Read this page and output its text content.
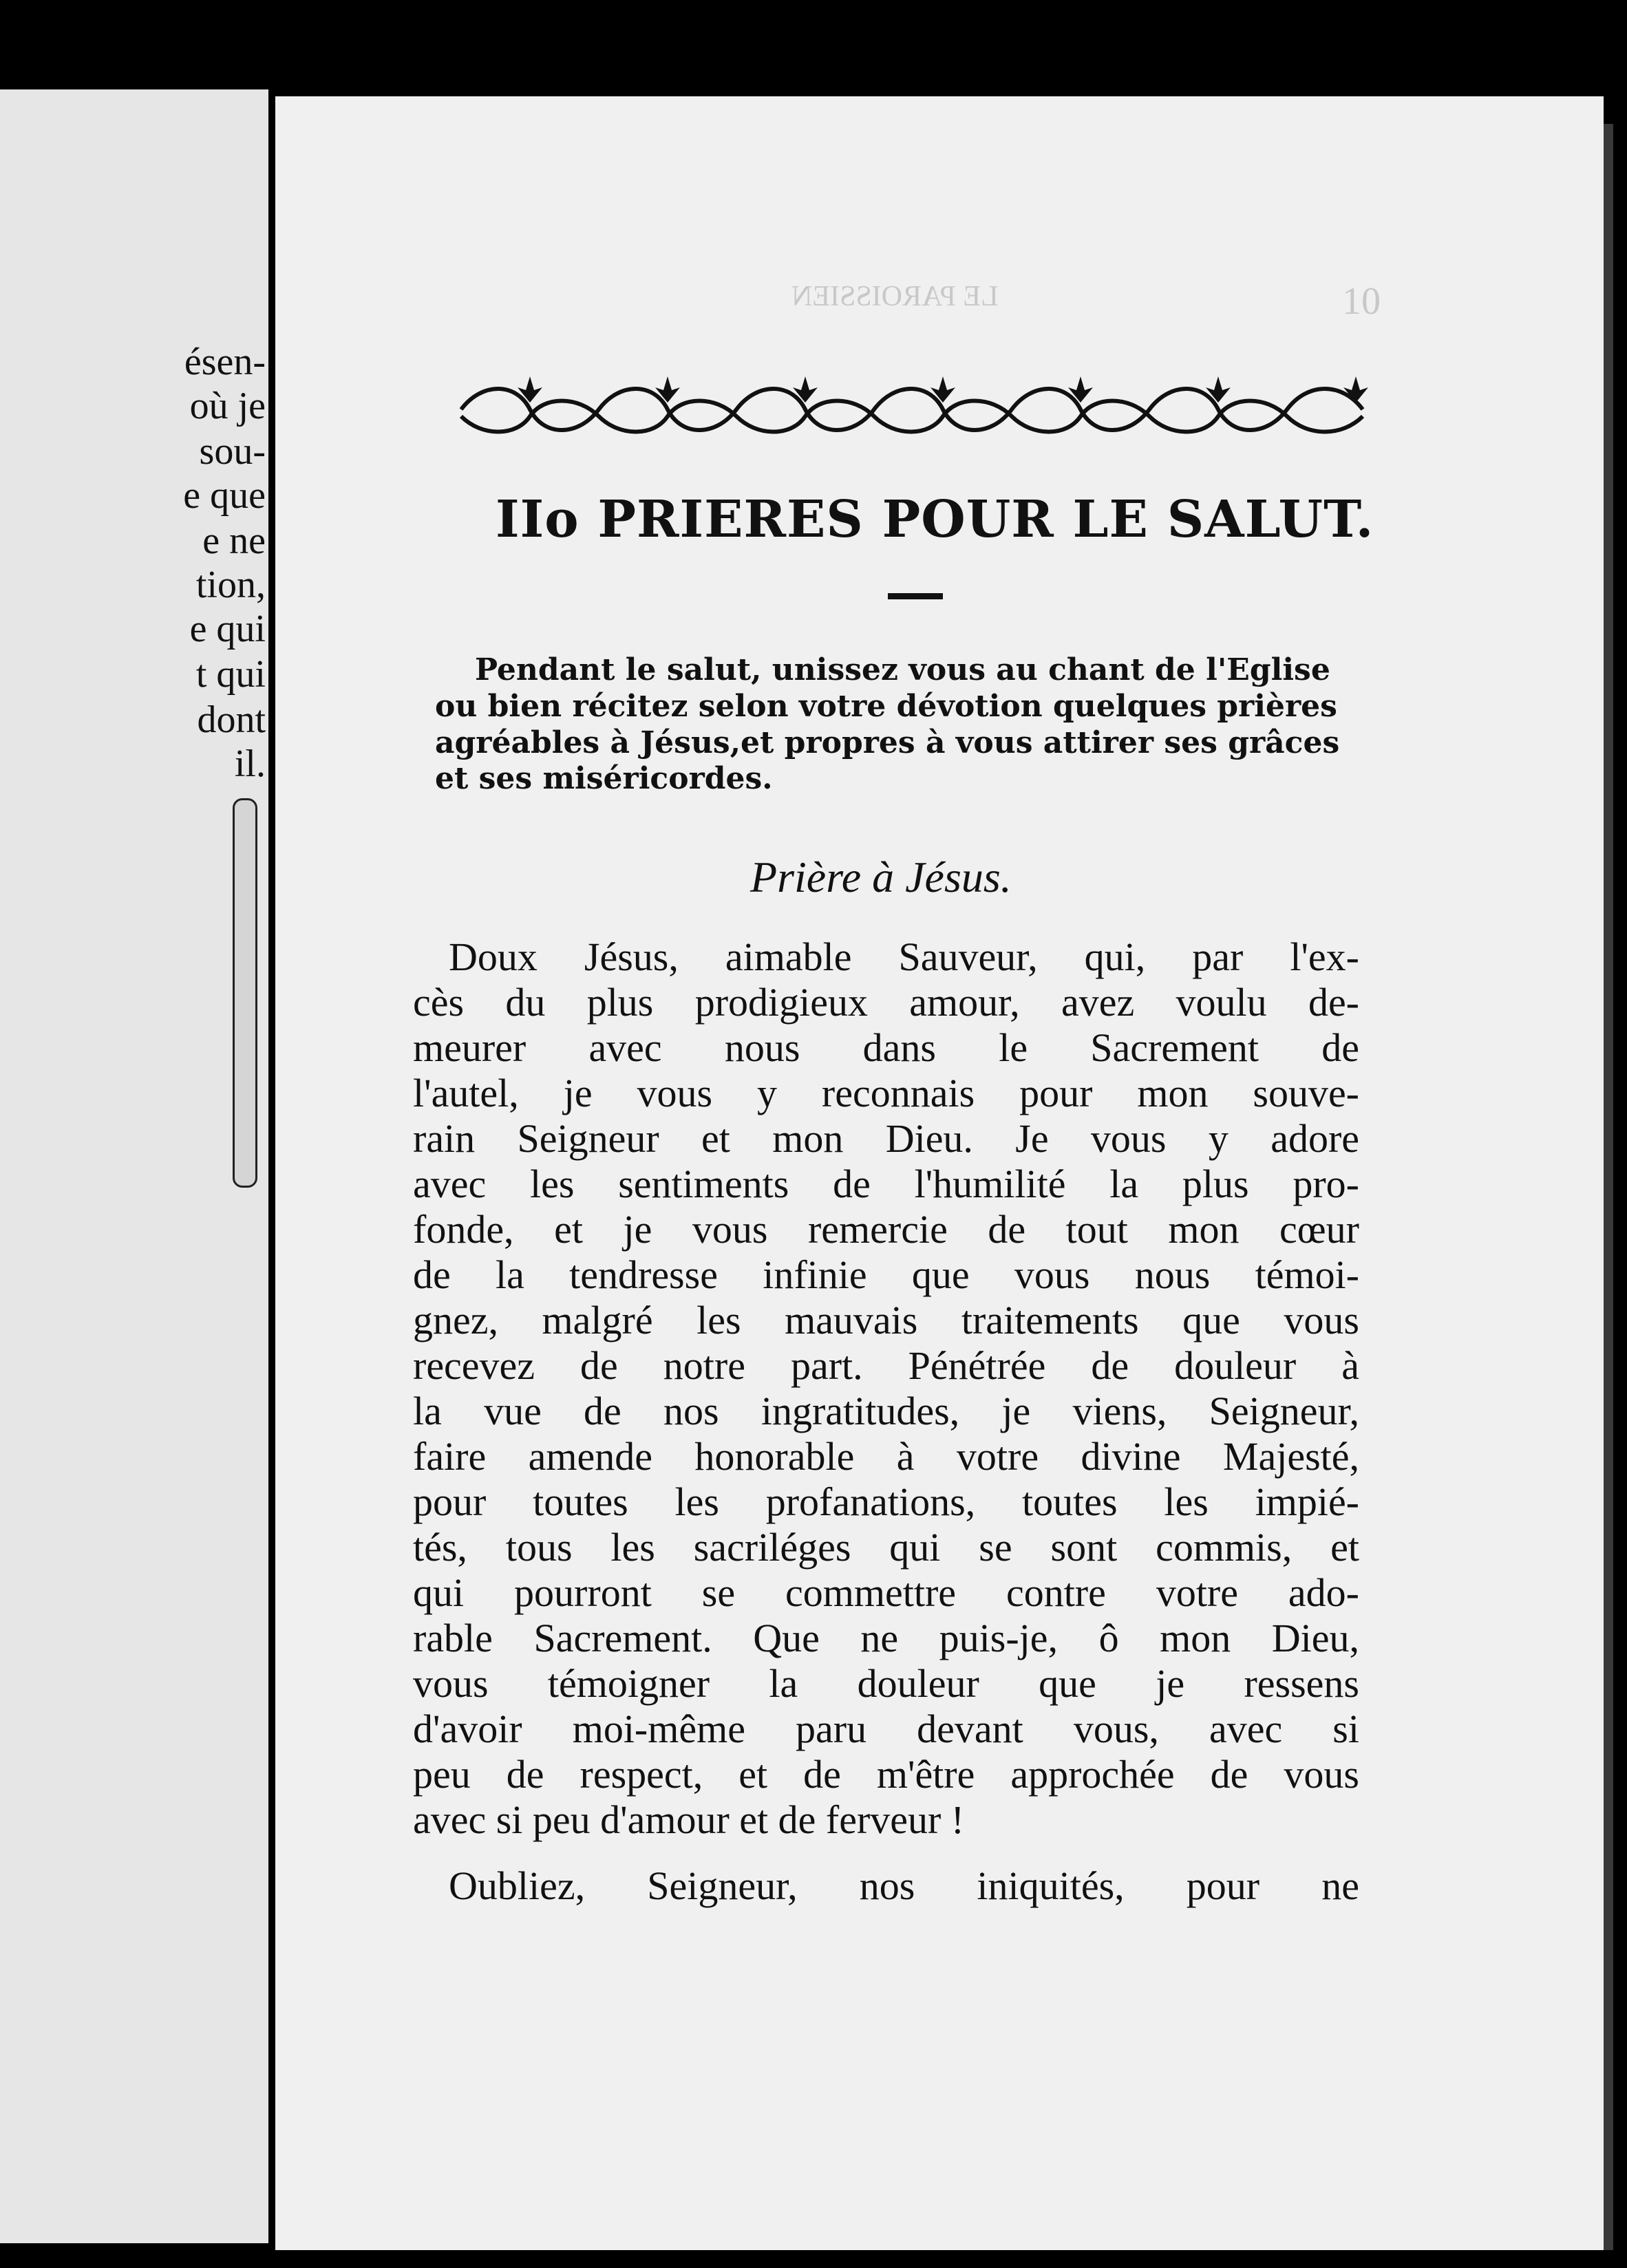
ésen-
où je
sou-
e que
e ne
tion,
e qui
t qui
dont
il.
LE PAROISSIEN	10
IIo PRIERES POUR LE SALUT.
Pendant le salut, unissez vous au chant de l'Eglise
ou bien récitez selon votre dévotion quelques prières
agréables à Jésus,et propres à vous attirer ses grâces
et ses miséricordes.
Prière à Jésus.
Doux Jésus, aimable Sauveur, qui, par l'ex-
cès du plus prodigieux amour, avez voulu de-
meurer avec nous dans le Sacrement de
l'autel, je vous y reconnais pour mon souve-
rain Seigneur et mon Dieu. Je vous y adore
avec les sentiments de l'humilité la plus pro-
fonde, et je vous remercie de tout mon cœur
de la tendresse infinie que vous nous témoi-
gnez, malgré les mauvais traitements que vous
recevez de notre part. Pénétrée de douleur à
la vue de nos ingratitudes, je viens, Seigneur,
faire amende honorable à votre divine Majesté,
pour toutes les profanations, toutes les impié-
tés, tous les sacriléges qui se sont commis, et
qui pourront se commettre contre votre ado-
rable Sacrement. Que ne puis-je, ô mon Dieu,
vous témoigner la douleur que je ressens
d'avoir moi-même paru devant vous, avec si
peu de respect, et de m'être approchée de vous
avec si peu d'amour et de ferveur !
Oubliez, Seigneur, nos iniquités, pour ne
